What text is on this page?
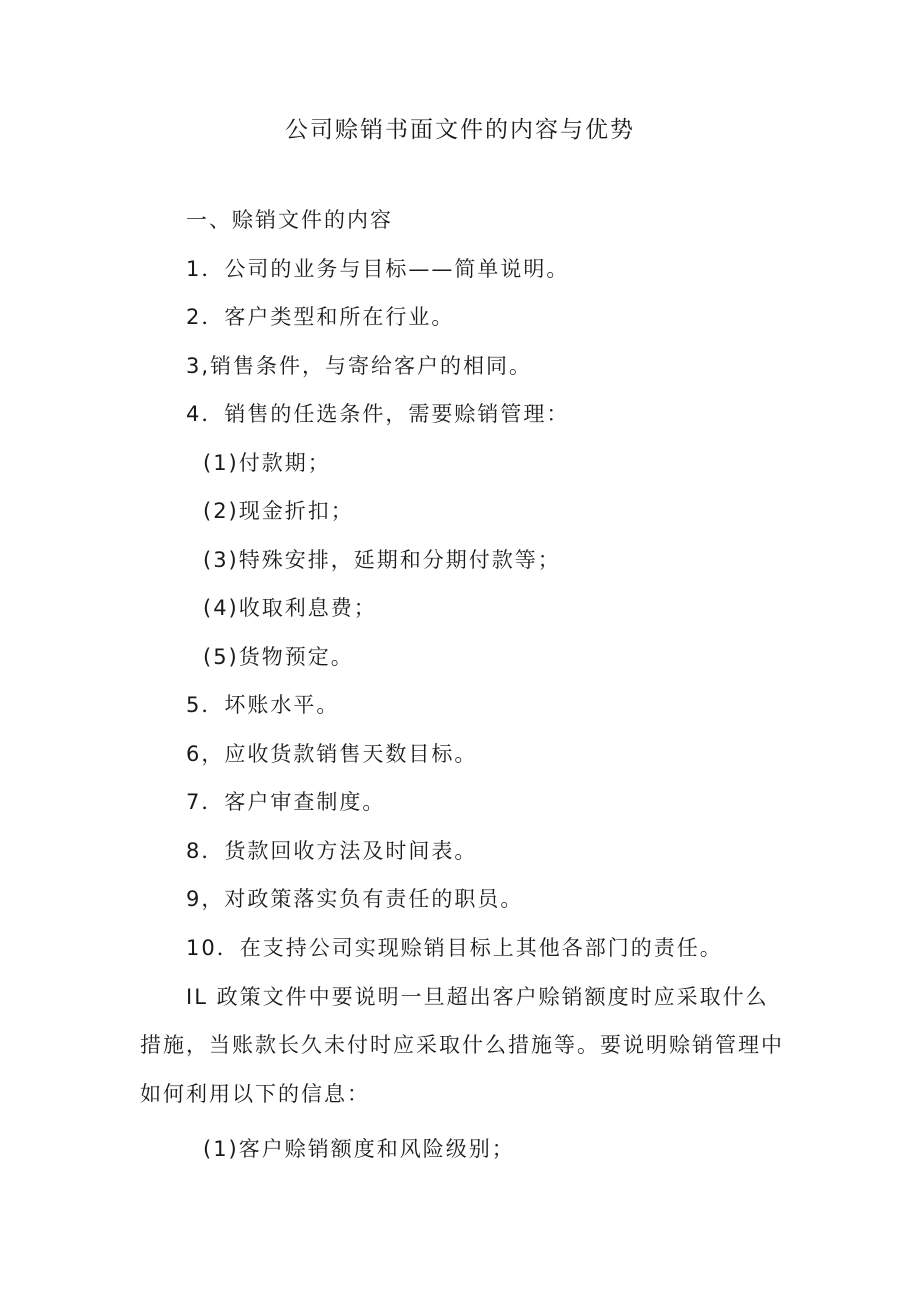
公司赊销书面文件的内容与优势
一、赊销文件的内容
1．公司的业务与目标——简单说明。
2．客户类型和所在行业。
3,销售条件，与寄给客户的相同。
4．销售的任选条件，需要赊销管理：
(1)付款期；
(2)现金折扣；
(3)特殊安排，延期和分期付款等；
(4)收取利息费；
(5)货物预定。
5．坏账水平。
6，应收货款销售天数目标。
7．客户审查制度。
8．货款回收方法及时间表。
9，对政策落实负有责任的职员。
10．在支持公司实现赊销目标上其他各部门的责任。
IL 政策文件中要说明一旦超出客户赊销额度时应采取什么
措施，当账款长久未付时应采取什么措施等。要说明赊销管理中
如何利用以下的信息：
(1)客户赊销额度和风险级别；
